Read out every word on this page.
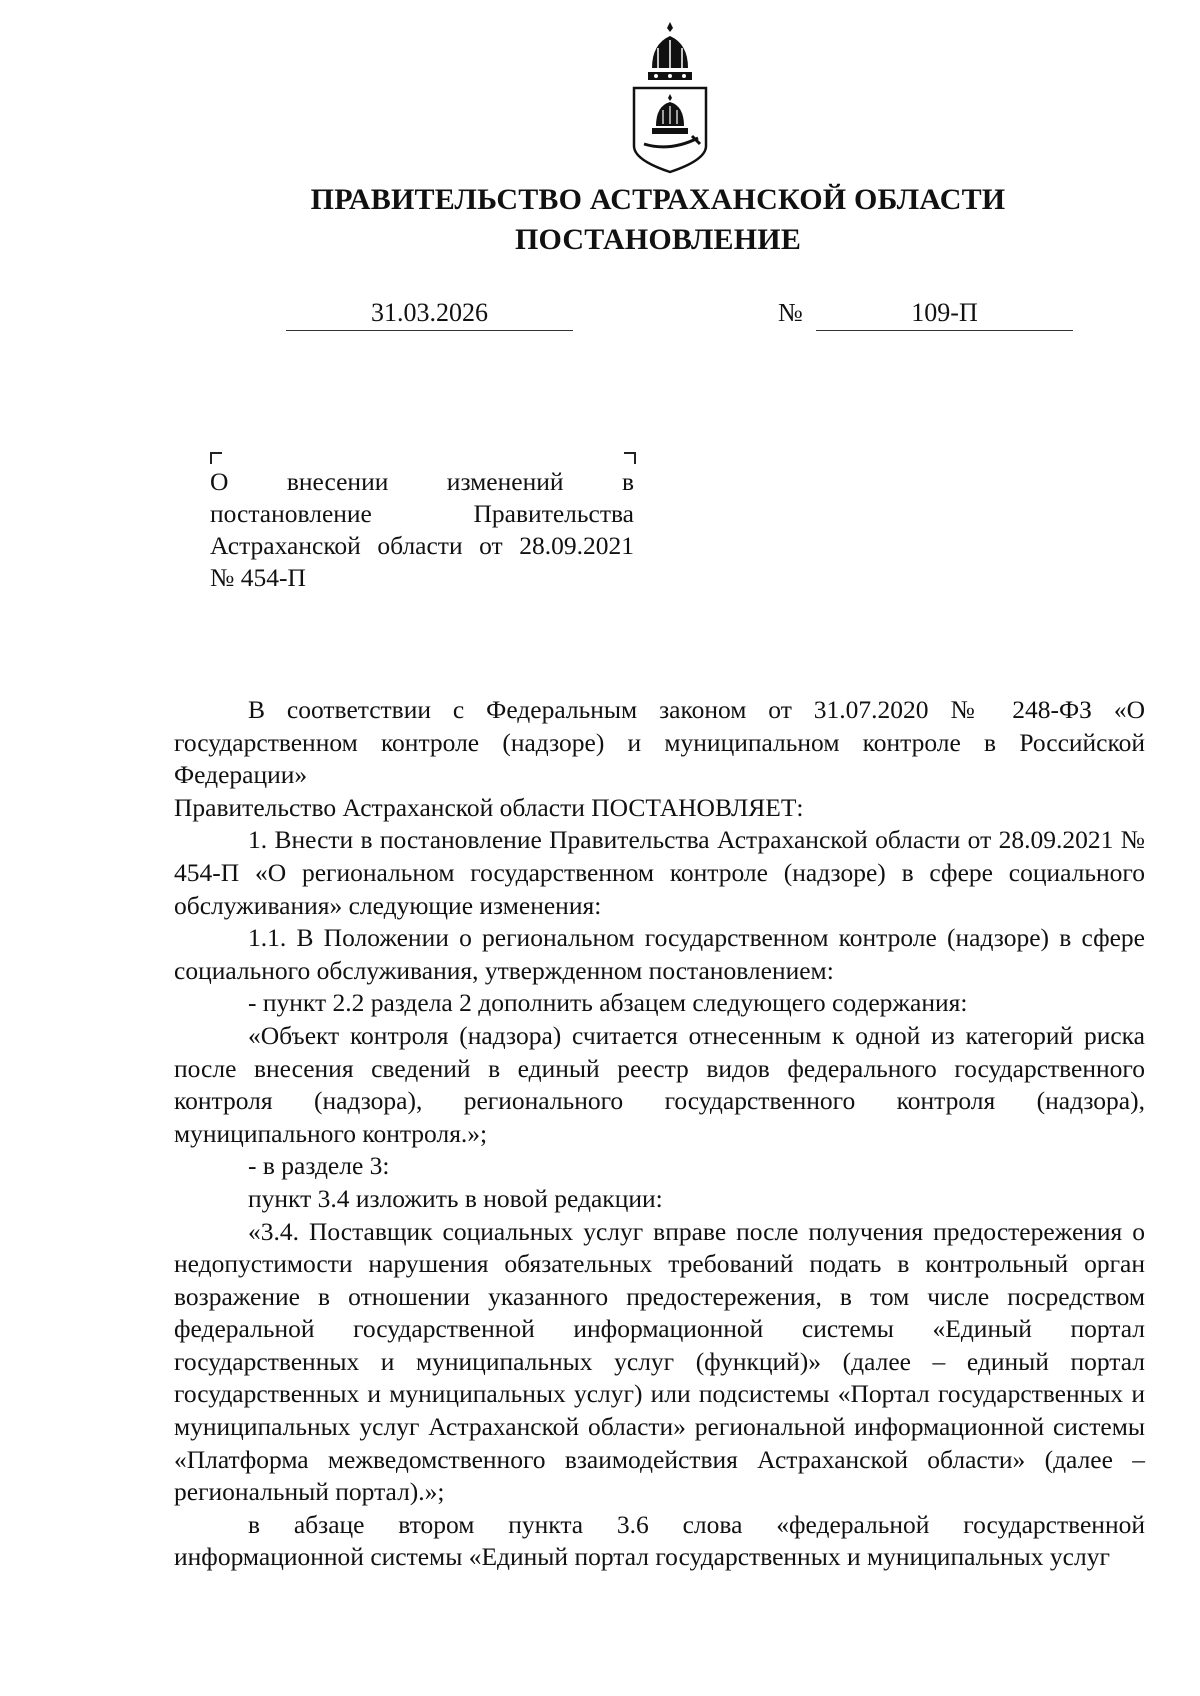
ПРАВИТЕЛЬСТВО АСТРАХАНСКОЙ ОБЛАСТИ
ПОСТАНОВЛЕНИЕ
31.03.2026	№	109-П
О внесении изменений в постановление Правительства Астраханской области от 28.09.2021 № 454-П

В соответствии с Федеральным законом от 31.07.2020 № 248-ФЗ «О государственном контроле (надзоре) и муниципальном контроле в Российской Федерации»

Правительство Астраханской области ПОСТАНОВЛЯЕТ:

1. Внести в постановление Правительства Астраханской области от 28.09.2021 № 454-П «О региональном государственном контроле (надзоре) в сфере социального обслуживания» следующие изменения:

1.1. В Положении о региональном государственном контроле (надзоре) в сфере социального обслуживания, утвержденном постановлением:

- пункт 2.2 раздела 2 дополнить абзацем следующего содержания:

«Объект контроля (надзора) считается отнесенным к одной из категорий риска после внесения сведений в единый реестр видов федерального государственного контроля (надзора), регионального государственного контроля (надзора), муниципального контроля.»;

- в разделе 3:

пункт 3.4 изложить в новой редакции:

«3.4. Поставщик социальных услуг вправе после получения предостережения о недопустимости нарушения обязательных требований подать в контрольный орган возражение в отношении указанного предостережения, в том числе посредством федеральной государственной информационной системы «Единый портал государственных и муниципальных услуг (функций)» (далее – единый портал государственных и муниципальных услуг) или подсистемы «Портал государственных и муниципальных услуг Астраханской области» региональной информационной системы «Платформа межведомственного взаимодействия Астраханской области» (далее – региональный портал).»;

в абзаце втором пункта 3.6 слова «федеральной государственной информационной системы «Единый портал государственных и муниципальных услуг
